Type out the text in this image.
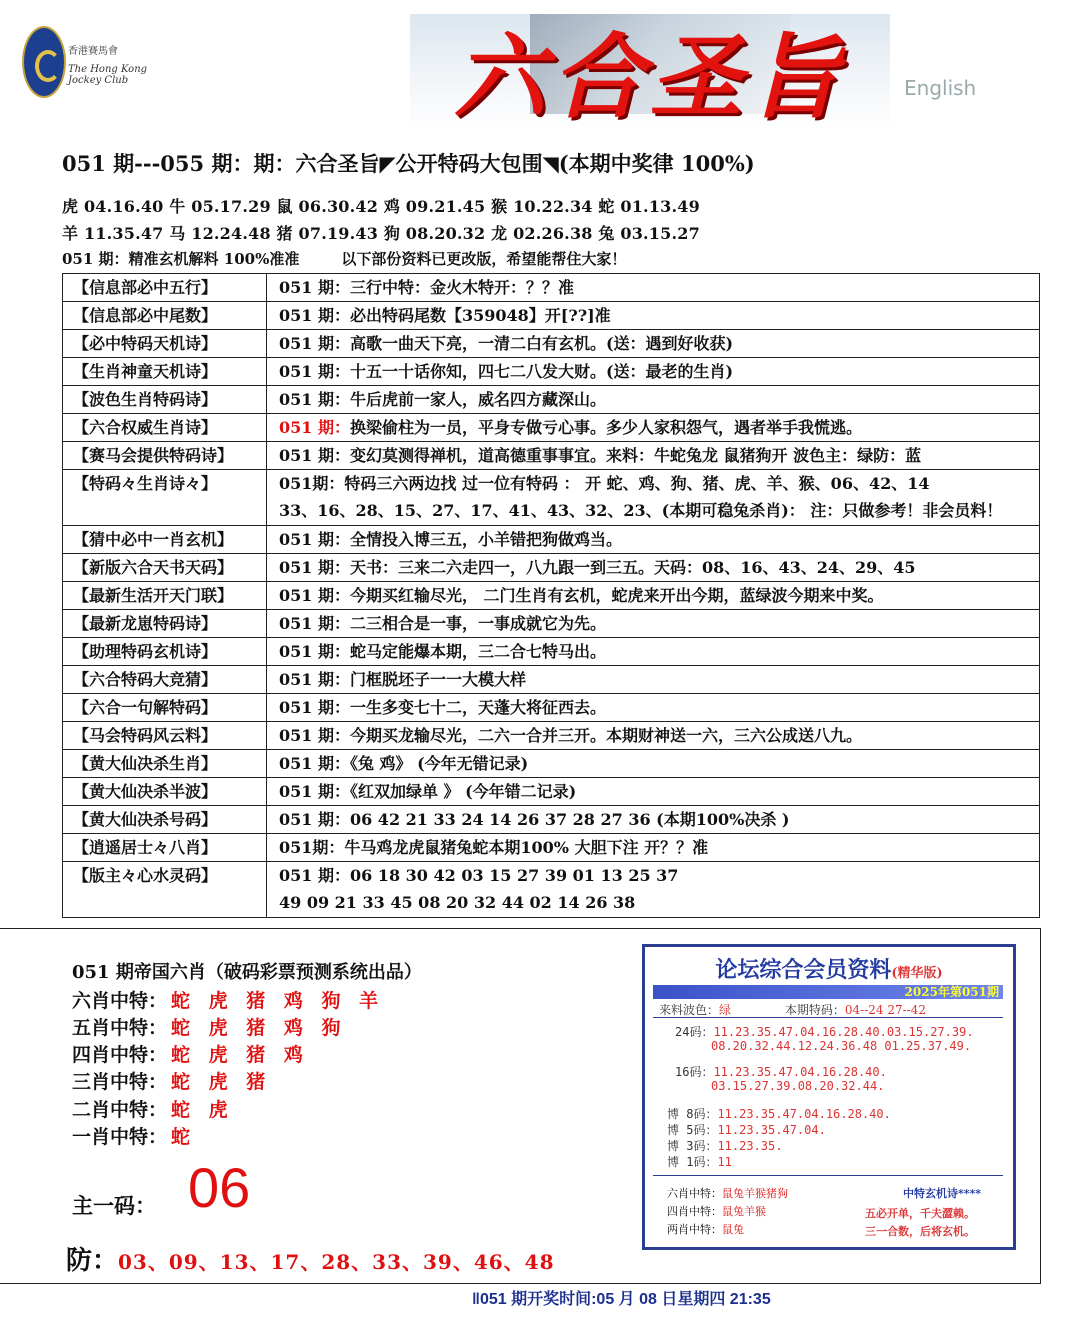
香港賽馬會
The Hong Kong Jockey Club	六合圣旨	English
051 期---055 期：期：六合圣旨◤公开特码大包围◥(本期中奖律 100%)
虎 04.16.40 牛 05.17.29 鼠 06.30.42 鸡 09.21.45 猴 10.22.34 蛇 01.13.49
羊 11.35.47 马 12.24.48 猪 07.19.43 狗 08.20.32 龙 02.26.38 兔 03.15.27
051 期：精准玄机解料 100%准准	以下部份资料已更改版，希望能帮住大家！
【信息部必中五行】	051 期：三行中特：金火木特开：？？准
【信息部必中尾数】	051 期：必出特码尾数【359048】开[??]准
【必中特码天机诗】	051 期：高歌一曲天下亮，一清二白有玄机。(送：遇到好收获)
【生肖神童天机诗】	051 期：十五一十话你知，四七二八发大财。(送：最老的生肖)
【波色生肖特码诗】	051 期：牛后虎前一家人，威名四方藏深山。
【六合权威生肖诗】	051 期：换梁偷柱为一员，平身专做亏心事。多少人家积怨气，遇者举手我慌逃。
【赛马会提供特码诗】	051 期：变幻莫测得禅机，道高德重事事宜。来料：牛蛇兔龙 鼠猪狗开 波色主：绿防：蓝
【特码々生肖诗々】	051期：特码三六两边找 过一位有特码 ： 开 蛇、鸡、狗、猪、虎、羊、猴、06、42、14
33、16、28、15、27、17、41、43、32、23、(本期可稳兔杀肖)： 注：只做参考！非会员料！

【猜中必中一肖玄机】	051 期：全情投入博三五，小羊错把狗做鸡当。
【新版六合天书天码】	051 期：天书：三来二六走四一，八九跟一到三五。天码：08、16、43、24、29、45
【最新生活开天门联】	051 期：今期买红输尽光， 二门生肖有玄机，蛇虎来开出今期，蓝绿波今期来中奖。
【最新龙崽特码诗】	051 期：二三相合是一事，一事成就它为先。
【助理特码玄机诗】	051 期：蛇马定能爆本期，三二合七特马出。
【六合特码大竞猜】	051 期：门框脱坯子一一大模大样
【六合一句解特码】	051 期：一生多变七十二，天蓬大将征西去。
【马会特码风云料】	051 期：今期买龙输尽光，二六一合并三开。本期财神送一六，三六公成送八九。
【黄大仙决杀生肖】	051 期：《兔 鸡》 (今年无错记录)
【黄大仙决杀半波】	051 期：《红双加绿单 》 (今年错二记录)
【黄大仙决杀号码】	051 期：06 42 21 33 24 14 26 37 28 27 36 (本期100%决杀 )
【逍遥居士々八肖】	051期：牛马鸡龙虎鼠猪兔蛇本期100% 大胆下注 开？？准
【版主々心水灵码】	051 期：06 18 30 42 03 15 27 39 01 13 25 37
49 09 21 33 45 08 20 32 44 02 14 26 38
051 期帝国六肖（破码彩票预测系统出品）
六肖中特： 蛇 虎 猪 鸡 狗 羊
五肖中特： 蛇 虎 猪 鸡 狗
四肖中特： 蛇 虎 猪 鸡
三肖中特： 蛇 虎 猪
二肖中特： 蛇 虎
一肖中特： 蛇
主一码： 06
防：03、09、13、17、28、33、39、46、48
论坛综合会员资料(精华版)
2025年第051期
来料波色：绿	本期特码：04--24 27--42
24码：11.23.35.47.04.16.28.40.03.15.27.39.
08.20.32.44.12.24.36.48 01.25.37.49.
16码：11.23.35.47.04.16.28.40.
03.15.27.39.08.20.32.44.
博 8码：11.23.35.47.04.16.28.40.
博 5码：11.23.35.47.04.
博 3码：11.23.35.
博 1码：11
六肖中特：鼠兔羊猴猪狗
四肖中特：鼠兔羊猴
两肖中特：鼠兔
中特玄机诗****
五必开单，千夫澀赖。
三一合数，后将玄机。
‖051 期开奖时间:05 月 08 日星期四 21:35
